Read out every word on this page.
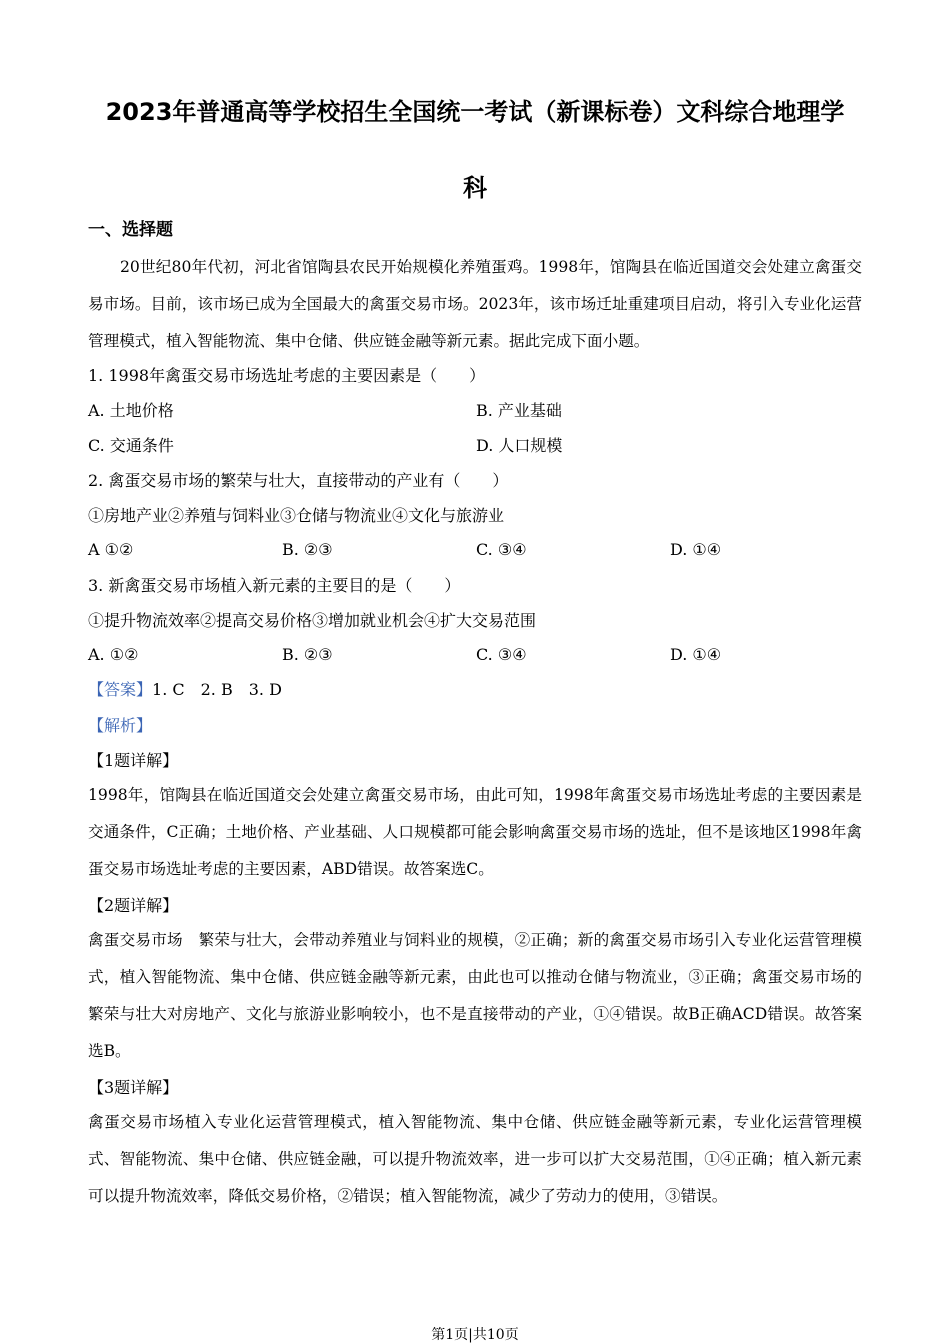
2023年普通高等学校招生全国统一考试（新课标卷）文科综合地理学
科
一、选择题
20世纪80年代初，河北省馆陶县农民开始规模化养殖蛋鸡。1998年，馆陶县在临近国道交会处建立禽蛋交易市场。目前，该市场已成为全国最大的禽蛋交易市场。2023年，该市场迁址重建项目启动，将引入专业化运营管理模式，植入智能物流、集中仓储、供应链金融等新元素。据此完成下面小题。
1. 1998年禽蛋交易市场选址考虑的主要因素是（　　）
A. 土地价格	B. 产业基础
C. 交通条件	D. 人口规模
2. 禽蛋交易市场的繁荣与壮大，直接带动的产业有（　　）
①房地产业②养殖与饲料业③仓储与物流业④文化与旅游业
A ①②	B. ②③	C. ③④	D. ①④
3. 新禽蛋交易市场植入新元素的主要目的是（　　）
①提升物流效率②提高交易价格③增加就业机会④扩大交易范围
A. ①②	B. ②③	C. ③④	D. ①④
【答案】1. C　2. B　3. D
【解析】
【1题详解】
1998年，馆陶县在临近国道交会处建立禽蛋交易市场，由此可知，1998年禽蛋交易市场选址考虑的主要因素是交通条件，C正确；土地价格、产业基础、人口规模都可能会影响禽蛋交易市场的选址，但不是该地区1998年禽蛋交易市场选址考虑的主要因素，ABD错误。故答案选C。
【2题详解】
禽蛋交易市场　繁荣与壮大，会带动养殖业与饲料业的规模，②正确；新的禽蛋交易市场引入专业化运营管理模式，植入智能物流、集中仓储、供应链金融等新元素，由此也可以推动仓储与物流业，③正确；禽蛋交易市场的繁荣与壮大对房地产、文化与旅游业影响较小，也不是直接带动的产业，①④错误。故B正确ACD错误。故答案选B。
【3题详解】
禽蛋交易市场植入专业化运营管理模式，植入智能物流、集中仓储、供应链金融等新元素，专业化运营管理模式、智能物流、集中仓储、供应链金融，可以提升物流效率，进一步可以扩大交易范围，①④正确；植入新元素可以提升物流效率，降低交易价格，②错误；植入智能物流，减少了劳动力的使用，③错误。
第1页|共10页
